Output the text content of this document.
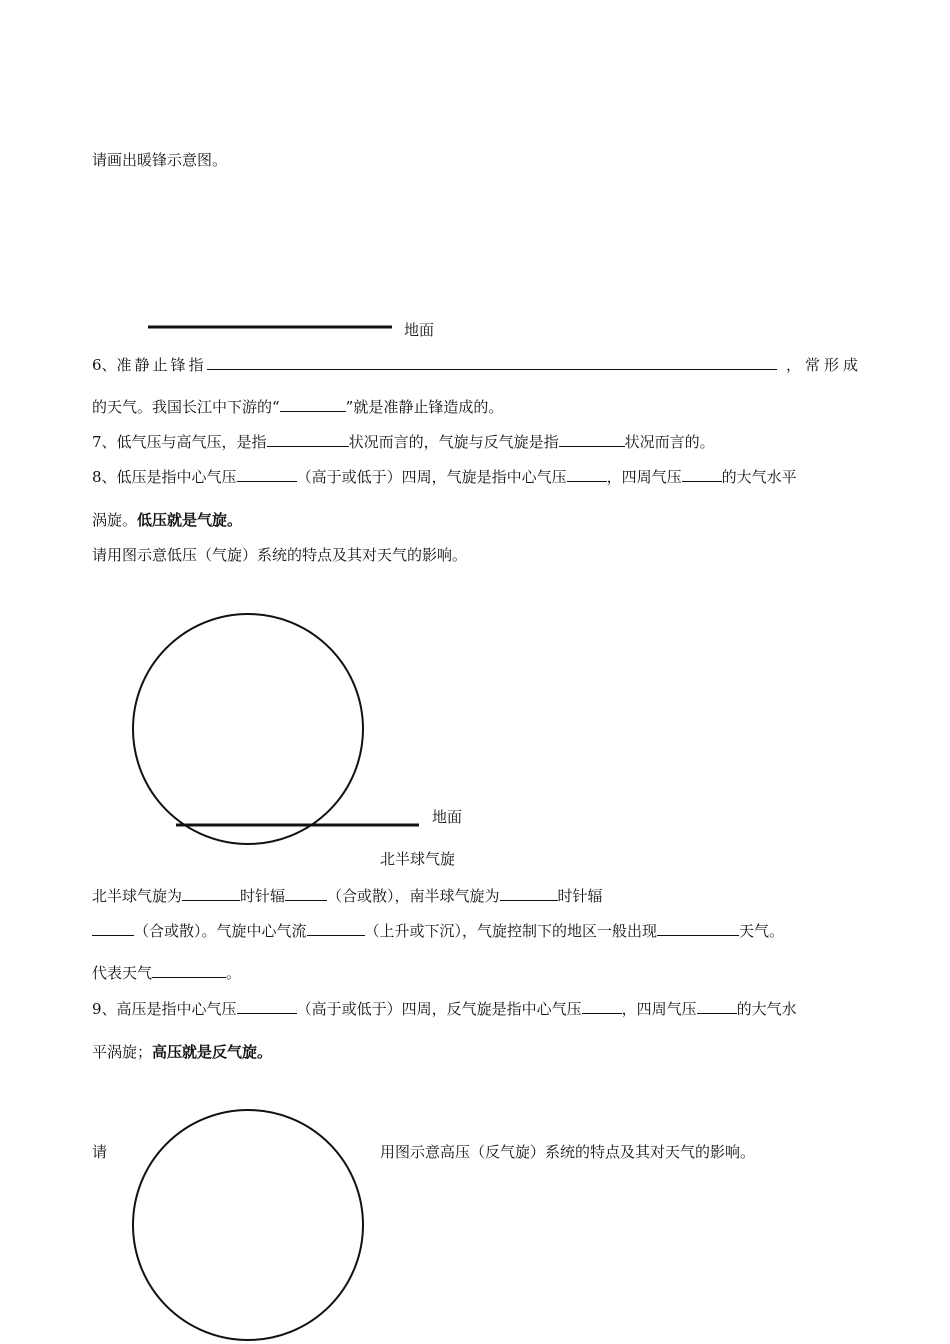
请画出暖锋示意图。
地面
6、准静止锋指	，常形成
的天气。我国长江中下游的“	”就是准静止锋造成的。
7、低气压与高气压，是指	状况而言的，气旋与反气旋是指	状况而言的。
8、低压是指中心气压	（高于或低于）四周，气旋是指中心气压	，四周气压	的大气水平
涡旋。低压就是气旋。
请用图示意低压（气旋）系统的特点及其对天气的影响。
地面
北半球气旋
北半球气旋为	时针辐	（合或散），南半球气旋为	时针辐
（合或散）。气旋中心气流	（上升或下沉），气旋控制下的地区一般出现	天气。
代表天气	。
9、高压是指中心气压	（高于或低于）四周，反气旋是指中心气压	，四周气压	的大气水
平涡旋；高压就是反气旋。
请	用图示意高压（反气旋）系统的特点及其对天气的影响。
